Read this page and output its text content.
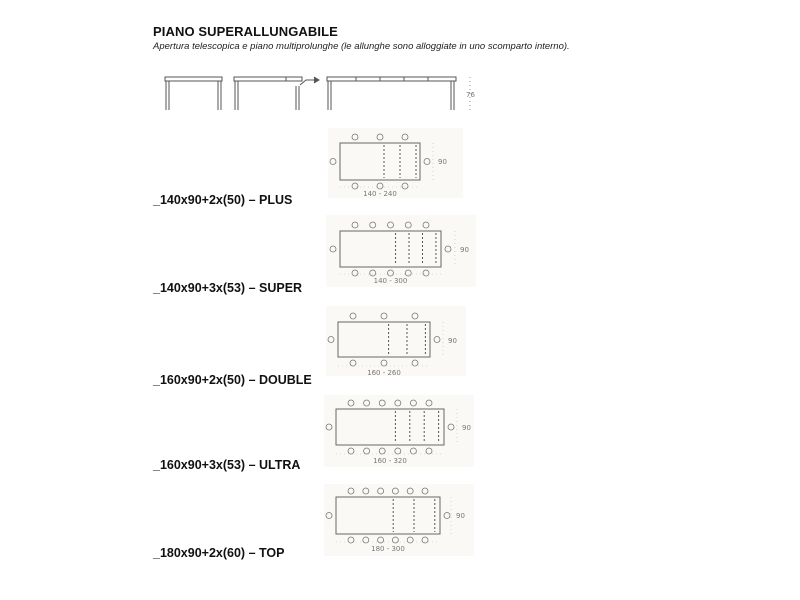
PIANO SUPERALLUNGABILE
Apertura telescopica e piano multiprolunghe (le allunghe sono alloggiate in uno scomparto interno).
76
_140x90+2x(50) – PLUS	140 - 240
90
_140x90+3x(53) – SUPER	140 - 300
90
_160x90+2x(50) – DOUBLE	160 - 260
90
_160x90+3x(53) – ULTRA	160 - 320
90
_180x90+2x(60) – TOP	180 - 300
90
